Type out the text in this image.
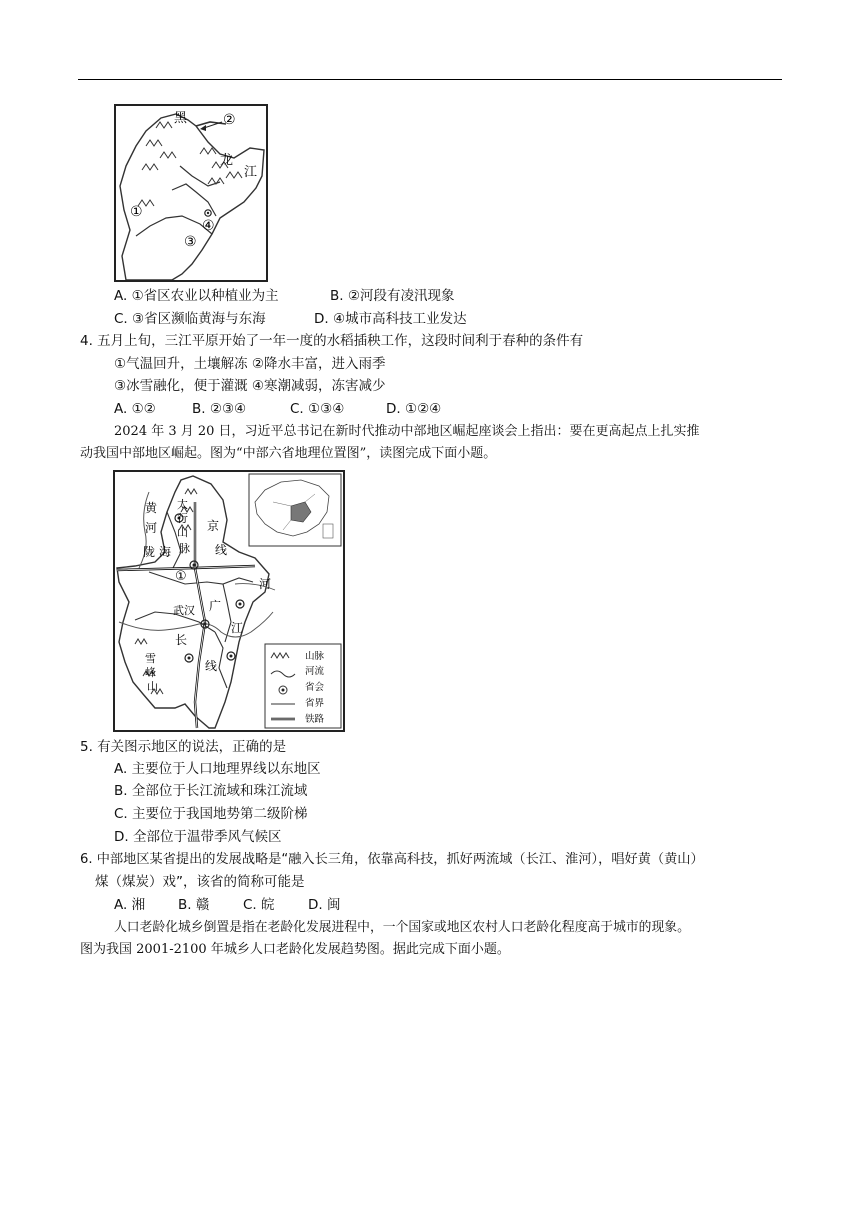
黑
龙
江
①
②
③
④
A. ①省区农业以种植业为主	B. ②河段有凌汛现象
C. ③省区濒临黄海与东海	D. ④城市高科技工业发达
4. 五月上旬，三江平原开始了一年一度的水稻插秧工作，这段时间利于春种的条件有
①气温回升，土壤解冻 ②降水丰富，进入雨季
③冰雪融化，便于灌溉 ④寒潮减弱，冻害减少
A. ①②	B. ②③④	C. ①③④	D. ①②④
2024 年 3 月 20 日，习近平总书记在新时代推动中部地区崛起座谈会上指出：要在更高起点上扎实推
动我国中部地区崛起。图为“中部六省地理位置图”，读图完成下面小题。
山脉
河流
省会
省界
铁路
黄
河
陇
太
行
山
脉
海
京
线
河
武汉 广
江
长
线
雪
峰
山
①
5. 有关图示地区的说法，正确的是
A. 主要位于人口地理界线以东地区
B. 全部位于长江流域和珠江流域
C. 主要位于我国地势第二级阶梯
D. 全部位于温带季风气候区
6. 中部地区某省提出的发展战略是“融入长三角，依靠高科技，抓好两流域（长江、淮河），唱好黄（黄山）
煤（煤炭）戏”，该省的简称可能是
A. 湘 B. 赣 C. 皖 D. 闽
人口老龄化城乡倒置是指在老龄化发展进程中，一个国家或地区农村人口老龄化程度高于城市的现象。
图为我国 2001-2100 年城乡人口老龄化发展趋势图。据此完成下面小题。
